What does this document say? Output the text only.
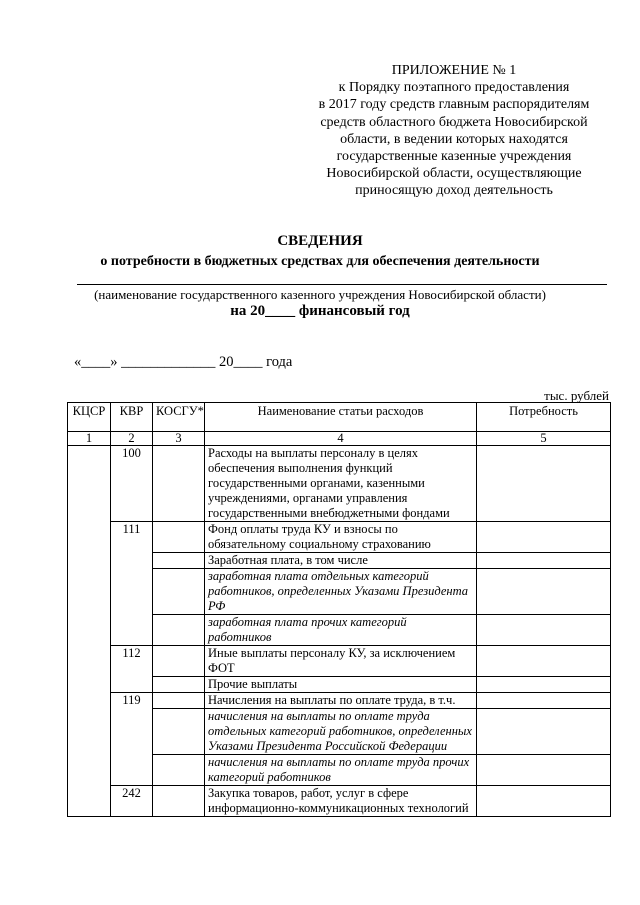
ПРИЛОЖЕНИЕ № 1
к Порядку поэтапного предоставления
в 2017 году средств главным распорядителям
средств областного бюджета Новосибирской
области, в ведении которых находятся
государственные казенные учреждения
Новосибирской области, осуществляющие
приносящую доход деятельность
СВЕДЕНИЯ
о потребности в бюджетных средствах для обеспечения деятельности
(наименование государственного казенного учреждения Новосибирской области)
на 20____ финансовый год
«____» _____________ 20____ года
тыс. рублей
КЦСР	КВР	КОСГУ*	Наименование статьи расходов	Потребность
1	2	3	4	5
	100		Расходы на выплаты персоналу в целях обеспечения выполнения функций государственными органами, казенными учреждениями, органами управления государственными внебюджетными фондами	
	111		Фонд оплаты труда КУ и взносы по обязательному социальному страхованию	
			Заработная плата, в том числе	
			заработная плата отдельных категорий работников, определенных Указами Президента РФ	
			заработная плата прочих категорий работников	
	112		Иные выплаты персоналу КУ, за исключением ФОТ	
			Прочие выплаты	
	119		Начисления на выплаты по оплате труда, в т.ч.	
			начисления на выплаты по оплате труда отдельных категорий работников, определенных Указами Президента Российской Федерации	
			начисления на выплаты по оплате труда прочих категорий работников	
	242		Закупка товаров, работ, услуг в сфере информационно-коммуникационных технологий	
